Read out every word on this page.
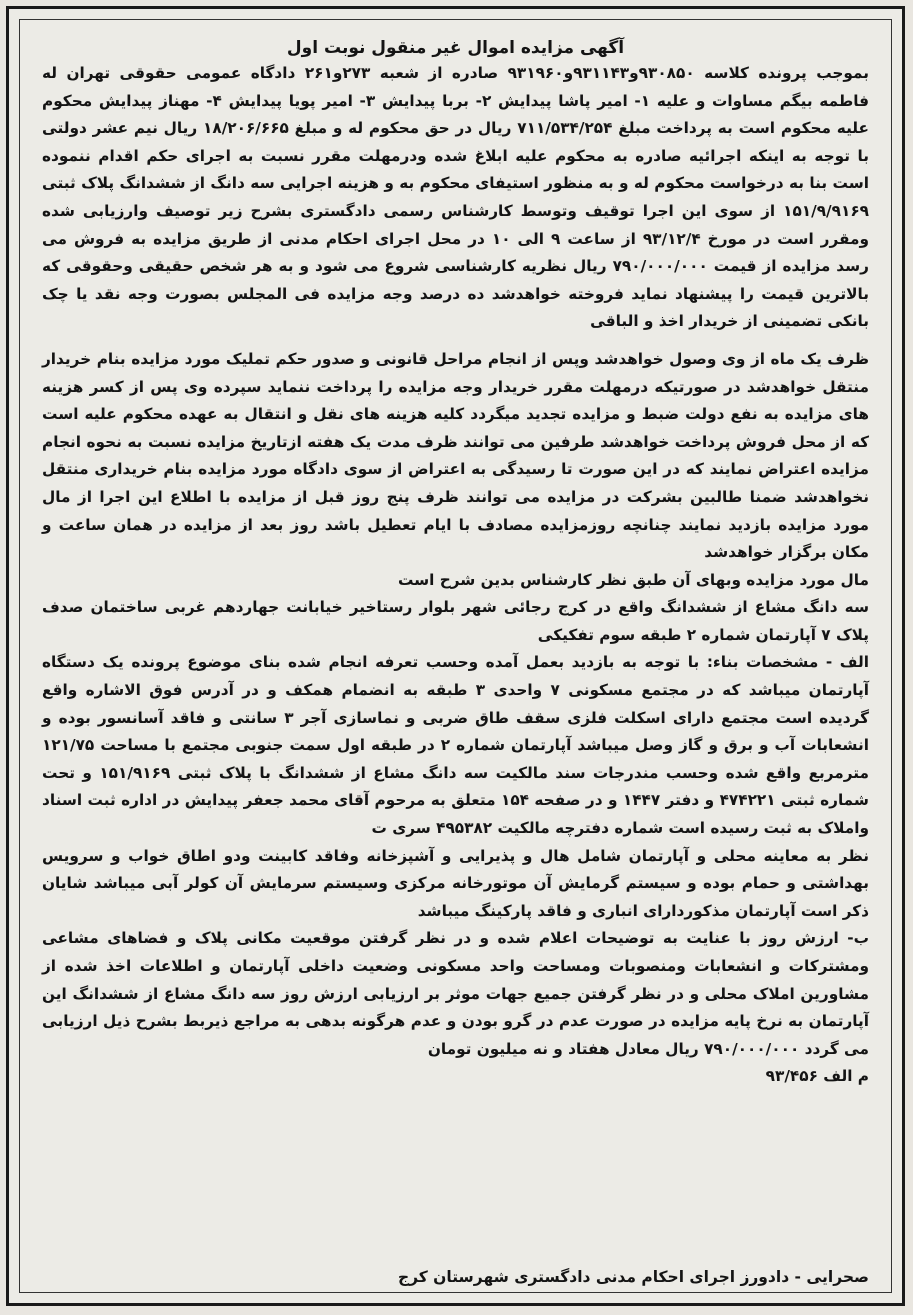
آگهی مزایده اموال غیر منقول نوبت اول

بموجب پرونده کلاسه ۹۳۰۸۵۰و۹۳۱۱۴۳و۹۳۱۹۶۰ صادره از شعبه ۲۷۳و۲۶۱ دادگاه عمومی حقوقی تهران له فاطمه بیگم مساوات و علیه ۱- امیر پاشا پیدایش ۲- بربا پیدایش ۳- امیر پویا پیدایش ۴- مهناز پیدایش محکوم علیه محکوم است به پرداخت مبلغ ۷۱۱/۵۳۴/۲۵۴ ریال در حق محکوم له و مبلغ ۱۸/۲۰۶/۶۶۵ ریال نیم عشر دولتی با توجه به اینکه اجرائیه صادره به محکوم علیه ابلاغ شده ودرمهلت مقرر نسبت به اجرای حکم اقدام ننموده است بنا به درخواست محکوم له و به منظور استیفای محکوم به و هزینه اجرایی سه دانگ از ششدانگ پلاک ثبتی ۱۵۱/۹/۹۱۶۹ از سوی این اجرا توقیف وتوسط کارشناس رسمی دادگستری بشرح زیر توصیف وارزیابی شده ومقرر است در مورخ ۹۳/۱۲/۴ از ساعت ۹ الی ۱۰ در محل اجرای احکام مدنی از طریق مزایده به فروش می رسد مزایده از قیمت ۷۹۰/۰۰۰/۰۰۰ ریال نظریه کارشناسی شروع می شود و به هر شخص حقیقی وحقوقی که بالاترین قیمت را پیشنهاد نماید فروخته خواهدشد ده درصد وجه مزایده فی المجلس بصورت وجه نقد یا چک بانکی تضمینی از خریدار اخذ و الباقی

ظرف یک ماه از وی وصول خواهدشد وپس از انجام مراحل قانونی و صدور حکم تملیک مورد مزایده بنام خریدار منتقل خواهدشد در صورتیکه درمهلت مقرر خریدار وجه مزایده را پرداخت ننماید سپرده وی پس از کسر هزینه های مزایده به نفع دولت ضبط و مزایده تجدید میگردد کلیه هزینه های نقل و انتقال به عهده محکوم علیه است که از محل فروش پرداخت خواهدشد طرفین می توانند ظرف مدت یک هفته ازتاریخ مزایده نسبت به نحوه انجام مزایده اعتراض نمایند که در این صورت تا رسیدگی به اعتراض از سوی دادگاه مورد مزایده بنام خریداری منتقل نخواهدشد ضمنا طالبین بشرکت در مزایده می توانند ظرف پنج روز قبل از مزایده با اطلاع این اجرا از مال مورد مزایده بازدید نمایند چنانچه روزمزایده مصادف با ایام تعطیل باشد روز بعد از مزایده در همان ساعت و مکان برگزار خواهدشد

مال مورد مزایده وبهای آن طبق نظر کارشناس بدین شرح است

سه دانگ مشاع از ششدانگ واقع در کرج رجائی شهر بلوار رستاخیر خیابانت جهاردهم غربی ساختمان صدف پلاک ۷ آپارتمان شماره ۲ طبقه سوم تفکیکی

الف - مشخصات بناء: با توجه به بازدید بعمل آمده وحسب تعرفه انجام شده بنای موضوع پرونده یک دستگاه آپارتمان میباشد که در مجتمع مسکونی ۷ واحدی ۳ طبقه به انضمام همکف و در آدرس فوق الاشاره واقع گردیده است مجتمع دارای اسکلت فلزی سقف طاق ضربی و نماسازی آجر ۳ سانتی و فاقد آسانسور بوده و انشعابات آب و برق و گاز وصل میباشد آپارتمان شماره ۲ در طبقه اول سمت جنوبی مجتمع با مساحت ۱۲۱/۷۵ مترمربع واقع شده وحسب مندرجات سند مالکیت سه دانگ مشاع از ششدانگ با پلاک ثبتی ۱۵۱/۹۱۶۹ و تحت شماره ثبتی ۴۷۴۲۲۱ و دفتر ۱۴۴۷ و در صفحه ۱۵۴ متعلق به مرحوم آقای محمد جعفر پیدایش در اداره ثبت اسناد واملاک به ثبت رسیده است شماره دفترچه مالکیت ۴۹۵۳۸۲ سری ت

نظر به معاینه محلی و آپارتمان شامل هال و پذیرایی و آشپزخانه وفاقد کابینت ودو اطاق خواب و سرویس بهداشتی و حمام بوده و سیستم گرمایش آن موتورخانه مرکزی وسیستم سرمایش آن کولر آبی میباشد شایان ذکر است آپارتمان مذکوردارای انباری و فاقد پارکینگ میباشد

ب- ارزش روز با عنایت به توضیحات اعلام شده و در نظر گرفتن موقعیت مکانی پلاک و فضاهای مشاعی ومشترکات و انشعابات ومنصوبات ومساحت واحد مسکونی وضعیت داخلی آپارتمان و اطلاعات اخذ شده از مشاورین املاک محلی و در نظر گرفتن جمیع جهات موثر بر ارزیابی ارزش روز سه دانگ مشاع از ششدانگ این آپارتمان به نرخ پایه مزایده در صورت عدم در گرو بودن و عدم هرگونه بدهی به مراجع ذیربط بشرح ذیل ارزیابی می گردد ۷۹۰/۰۰۰/۰۰۰ ریال معادل هفتاد و نه میلیون تومان

م الف ۹۳/۴۵۶

صحرایی - دادورز اجرای احکام مدنی دادگستری شهرستان کرج
